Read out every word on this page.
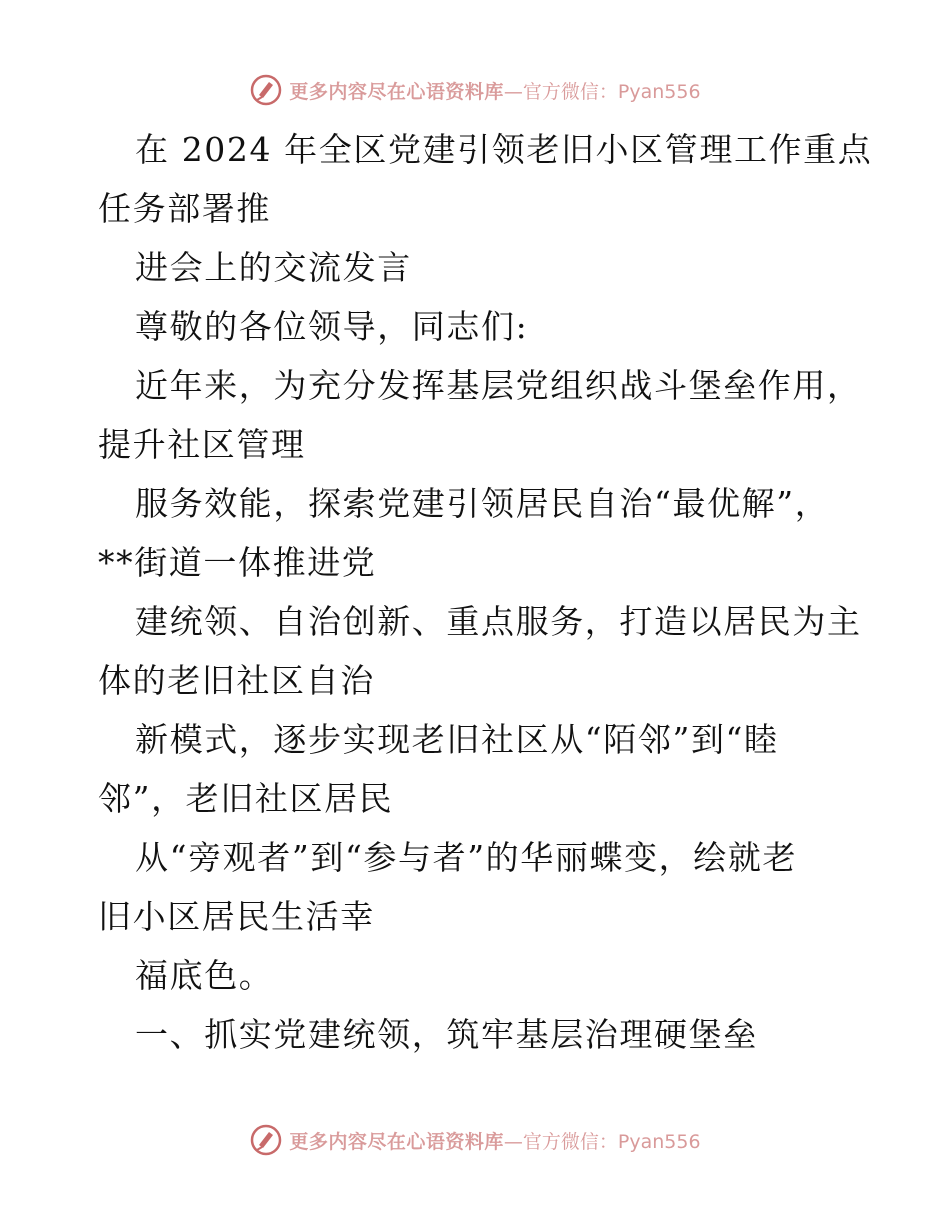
更多内容尽在心语资料库 —官方微信：Pyan556
在 2024 年全区党建引领老旧小区管理工作重点
任务部署推
进会上的交流发言
尊敬的各位领导，同志们:
近年来，为充分发挥基层党组织战斗堡垒作用，
提升社区管理
服务效能，探索党建引领居民自治“最优解”，
**街道一体推进党
建统领、自治创新、重点服务，打造以居民为主
体的老旧社区自治
新模式，逐步实现老旧社区从“陌邻”到“睦
邻”，老旧社区居民
从“旁观者”到“参与者”的华丽蝶变，绘就老
旧小区居民生活幸
福底色。
一、抓实党建统领，筑牢基层治理硬堡垒
更多内容尽在心语资料库 —官方微信：Pyan556
